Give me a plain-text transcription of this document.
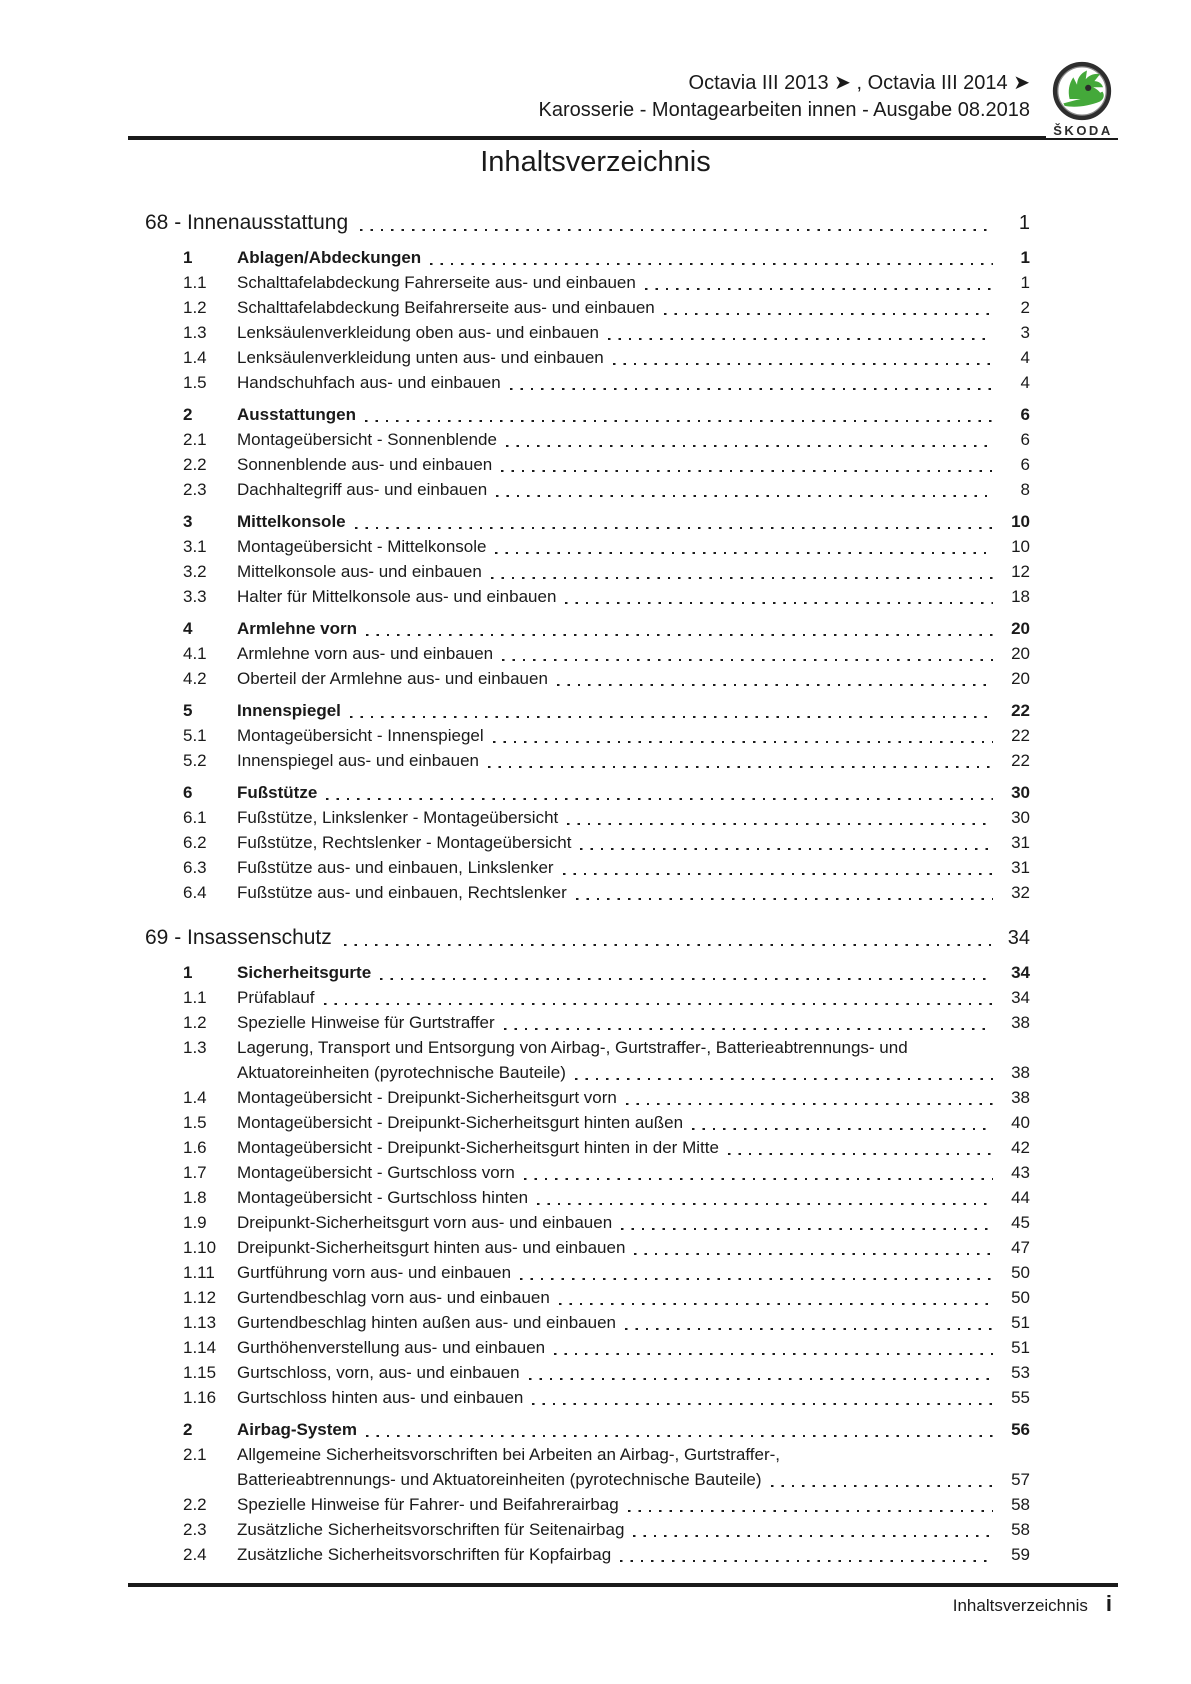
Octavia III 2013 ➤ , Octavia III 2014 ➤
Karosserie - Montagearbeiten innen - Ausgabe 08.2018
ŠKODA
Inhaltsverzeichnis
68 - Innenausstattung	1
1	Ablagen/Abdeckungen	1
1.1	Schalttafelabdeckung Fahrerseite aus- und einbauen	1
1.2	Schalttafelabdeckung Beifahrerseite aus- und einbauen	2
1.3	Lenksäulenverkleidung oben aus- und einbauen	3
1.4	Lenksäulenverkleidung unten aus- und einbauen	4
1.5	Handschuhfach aus- und einbauen	4
2	Ausstattungen	6
2.1	Montageübersicht - Sonnenblende	6
2.2	Sonnenblende aus- und einbauen	6
2.3	Dachhaltegriff aus- und einbauen	8
3	Mittelkonsole	10
3.1	Montageübersicht - Mittelkonsole	10
3.2	Mittelkonsole aus- und einbauen	12
3.3	Halter für Mittelkonsole aus- und einbauen	18
4	Armlehne vorn	20
4.1	Armlehne vorn aus- und einbauen	20
4.2	Oberteil der Armlehne aus- und einbauen	20
5	Innenspiegel	22
5.1	Montageübersicht - Innenspiegel	22
5.2	Innenspiegel aus- und einbauen	22
6	Fußstütze	30
6.1	Fußstütze, Linkslenker - Montageübersicht	30
6.2	Fußstütze, Rechtslenker - Montageübersicht	31
6.3	Fußstütze aus- und einbauen, Linkslenker	31
6.4	Fußstütze aus- und einbauen, Rechtslenker	32
69 - Insassenschutz	34
1	Sicherheitsgurte	34
1.1	Prüfablauf	34
1.2	Spezielle Hinweise für Gurtstraffer	38
1.3	Lagerung, Transport und Entsorgung von Airbag-, Gurtstraffer-, Batterieabtrennungs- und
Aktuatoreinheiten (pyrotechnische Bauteile)	38
1.4	Montageübersicht - Dreipunkt-Sicherheitsgurt vorn	38
1.5	Montageübersicht - Dreipunkt-Sicherheitsgurt hinten außen	40
1.6	Montageübersicht - Dreipunkt-Sicherheitsgurt hinten in der Mitte	42
1.7	Montageübersicht - Gurtschloss vorn	43
1.8	Montageübersicht - Gurtschloss hinten	44
1.9	Dreipunkt-Sicherheitsgurt vorn aus- und einbauen	45
1.10	Dreipunkt-Sicherheitsgurt hinten aus- und einbauen	47
1.11	Gurtführung vorn aus- und einbauen	50
1.12	Gurtendbeschlag vorn aus- und einbauen	50
1.13	Gurtendbeschlag hinten außen aus- und einbauen	51
1.14	Gurthöhenverstellung aus- und einbauen	51
1.15	Gurtschloss, vorn, aus- und einbauen	53
1.16	Gurtschloss hinten aus- und einbauen	55
2	Airbag-System	56
2.1	Allgemeine Sicherheitsvorschriften bei Arbeiten an Airbag-, Gurtstraffer-,
Batterieabtrennungs- und Aktuatoreinheiten (pyrotechnische Bauteile)	57
2.2	Spezielle Hinweise für Fahrer- und Beifahrerairbag	58
2.3	Zusätzliche Sicherheitsvorschriften für Seitenairbag	58
2.4	Zusätzliche Sicherheitsvorschriften für Kopfairbag	59
Inhaltsverzeichnis i
